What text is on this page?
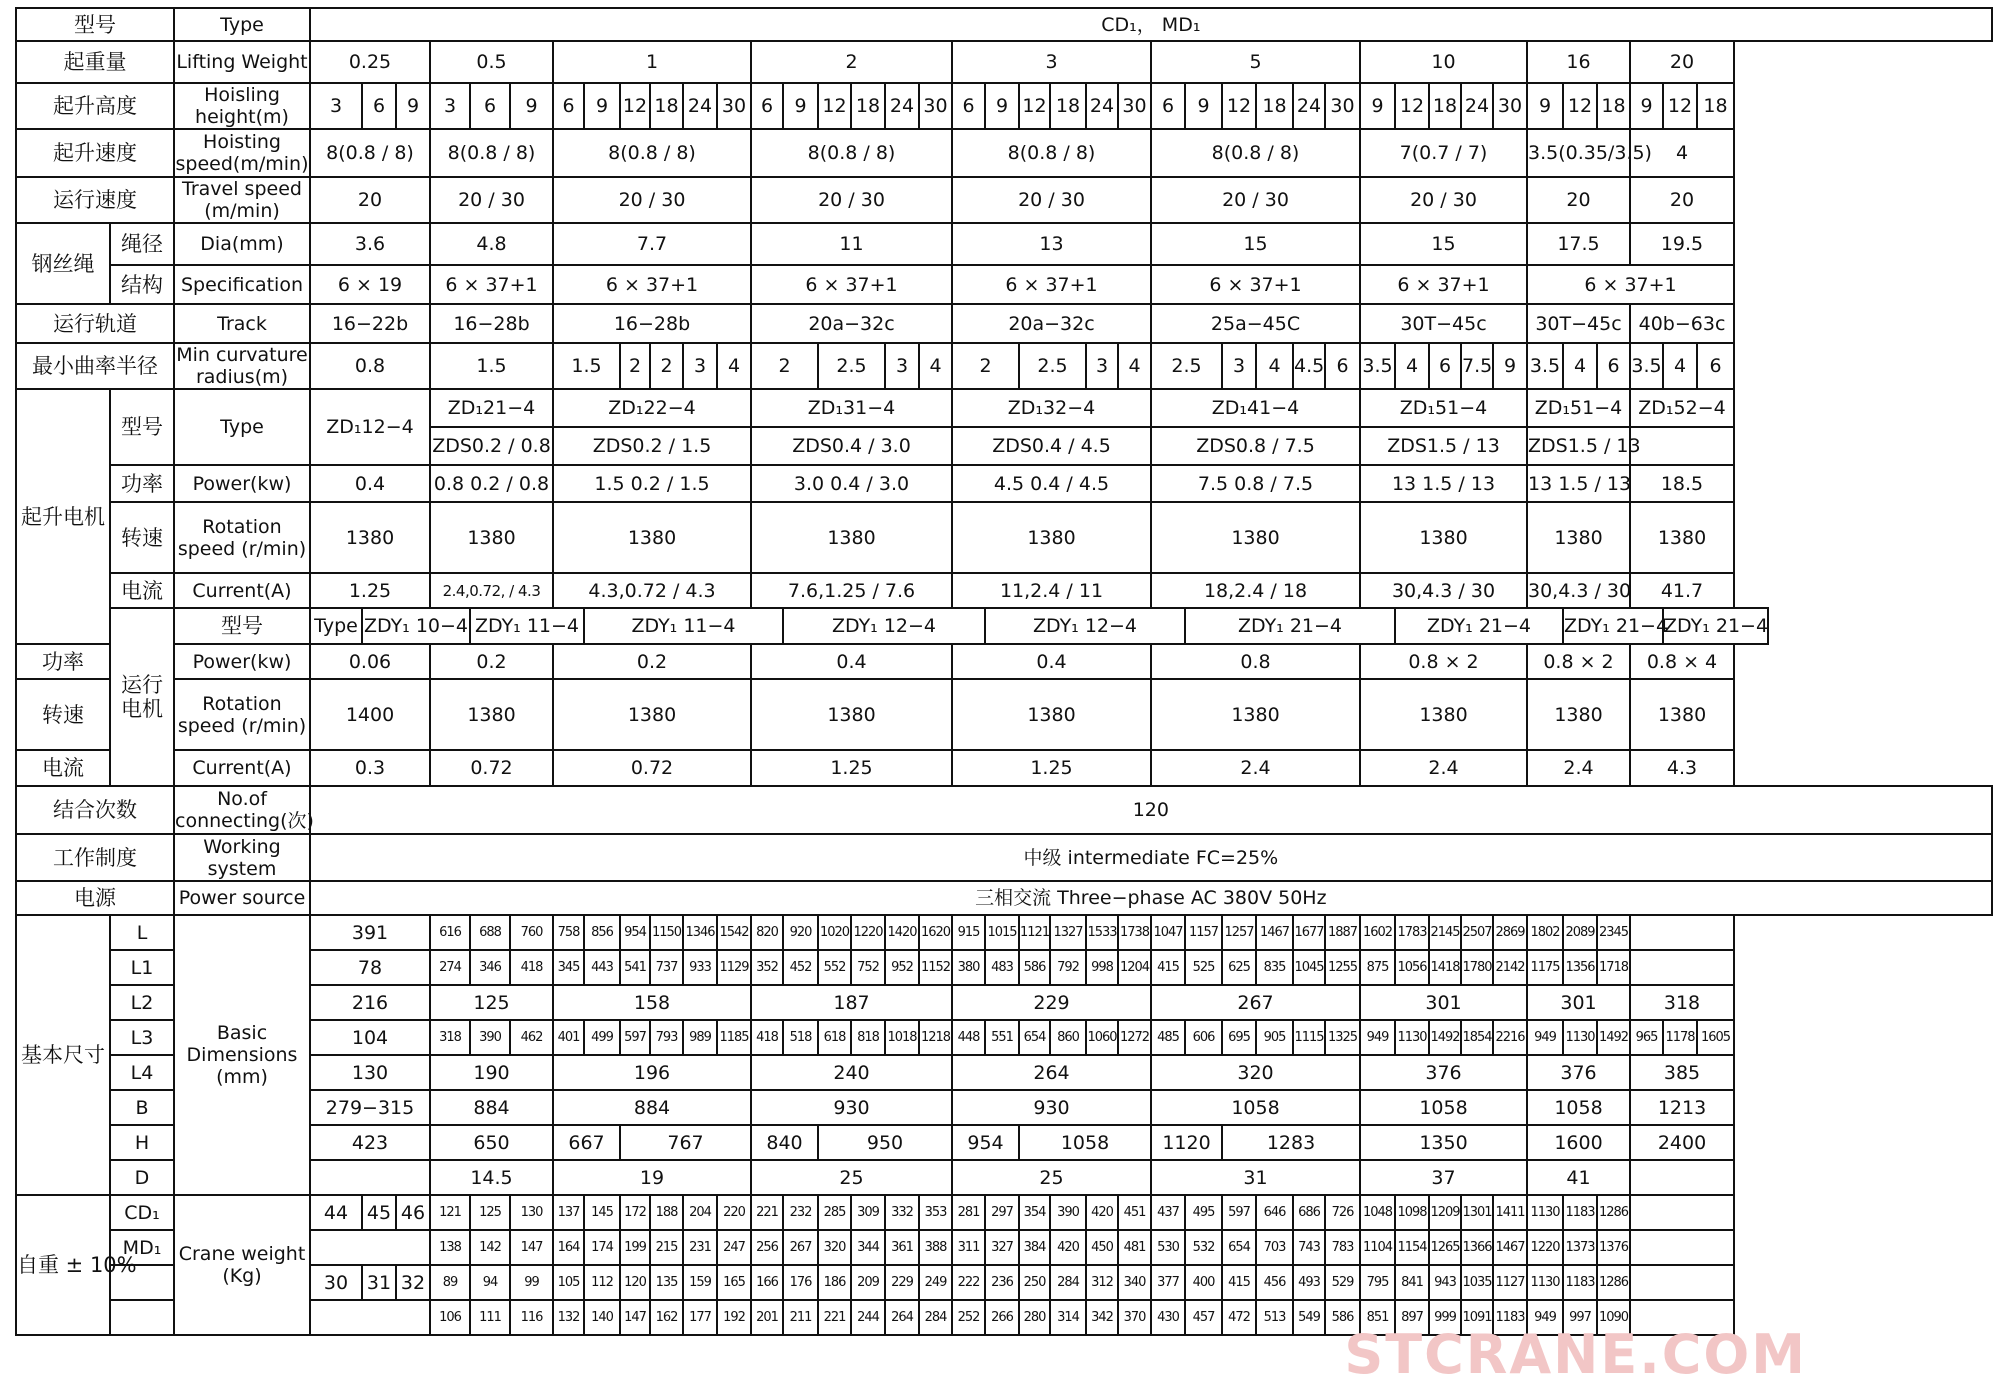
型号		Type	CD₁， MD₁																																								
起重量		Lifting Weight	0.25			0.5			1						2						3						5						10					16			20		
起升高度		Hoisling height(m)	3	6	9	3	6	9	6	9	12	18	24	30	6	9	12	18	24	30	6	9	12	18	24	30	6	9	12	18	24	30	9	12	18	24	30	9	12	18	9	12	18
起升速度		Hoisting speed(m/min)	8(0.8 / 8)			8(0.8 / 8)			8(0.8 / 8)						8(0.8 / 8)						8(0.8 / 8)						8(0.8 / 8)						7(0.7 / 7)					3.5(0.35/3.5)			4		
运行速度		Travel speed (m/min)	20			20 / 30			20 / 30						20 / 30						20 / 30						20 / 30						20 / 30					20			20		
钢丝绳	绳径	Dia(mm)	3.6			4.8			7.7						11						13						15						15					17.5			19.5		
	结构	Specification	6 × 19			6 × 37+1			6 × 37+1						6 × 37+1						6 × 37+1						6 × 37+1						6 × 37+1					6 × 37+1					
运行轨道		Track	16−22b			16−28b			16−28b						20a−32c						20a−32c						25a−45C						30T−45c					30T−45c			40b−63c		
最小曲率半径		Min curvature radius(m)	0.8			1.5			1.5		2	2	3	4	2		2.5		3	4	2		2.5		3	4	2.5		3	4	4.5	6	3.5	4	6	7.5	9	3.5	4	6	3.5	4	6
起升电机	型号	Type	ZD₁12−4			ZD₁21−4			ZD₁22−4						ZD₁31−4						ZD₁32−4						ZD₁41−4						ZD₁51−4					ZD₁51−4			ZD₁52−4		
						ZDS0.2 / 0.8			ZDS0.2 / 1.5						ZDS0.4 / 3.0						ZDS0.4 / 4.5						ZDS0.8 / 7.5						ZDS1.5 / 13					ZDS1.5 / 13					
	功率	Power(kw)	0.4			0.8 0.2 / 0.8			1.5 0.2 / 1.5						3.0 0.4 / 3.0						4.5 0.4 / 4.5						7.5 0.8 / 7.5						13 1.5 / 13					13 1.5 / 13			18.5		
	转速	Rotation speed (r/min)	1380			1380			1380						1380						1380						1380						1380					1380			1380		
	电流	Current(A)	1.25			2.4,0.72, / 4.3			4.3,0.72 / 4.3						7.6,1.25 / 7.6						11,2.4 / 11						18,2.4 / 18						30,4.3 / 30					30,4.3 / 30			41.7		
	运行电机	型号	Type	ZDY₁ 10−4			ZDY₁ 11−4			ZDY₁ 11−4						ZDY₁ 12−4						ZDY₁ 12−4						ZDY₁ 21−4						ZDY₁ 21−4					ZDY₁ 21−4			ZDY₁ 21−4	
功率		Power(kw)	0.06			0.2			0.2						0.4						0.4						0.8						0.8 × 2					0.8 × 2			0.8 × 4		
转速		Rotation speed (r/min)	1400			1380			1380						1380						1380						1380						1380					1380			1380		
电流		Current(A)	0.3			0.72			0.72						1.25						1.25						2.4						2.4					2.4			4.3		
结合次数		No.of connecting(次)	120																																								
工作制度		Working system	中级 intermediate FC=25%																																								
电源		Power source	三相交流 Three−phase AC 380V 50Hz																																								
基本尺寸	L	Basic Dimensions (mm)	391			616	688	760	758	856	954	1150	1346	1542	820	920	1020	1220	1420	1620	915	1015	1121	1327	1533	1738	1047	1157	1257	1467	1677	1887	1602	1783	2145	2507	2869	1802	2089	2345			
	L1		78			274	346	418	345	443	541	737	933	1129	352	452	552	752	952	1152	380	483	586	792	998	1204	415	525	625	835	1045	1255	875	1056	1418	1780	2142	1175	1356	1718			
	L2		216			125			158						187						229						267						301					301			318		
	L3		104			318	390	462	401	499	597	793	989	1185	418	518	618	818	1018	1218	448	551	654	860	1060	1272	485	606	695	905	1115	1325	949	1130	1492	1854	2216	949	1130	1492	965	1178	1605
	L4		130			190			196						240						264						320						376					376			385		
	B		279−315			884			884						930						930						1058						1058					1058			1213		
	H		423			650			667		767				840		950				954		1058				1120		1283				1350					1600			2400		
	D					14.5			19						25						25						31						37					41					
自重 ± 10%	CD₁	Crane weight (Kg)	44	45	46	121	125	130	137	145	172	188	204	220	221	232	285	309	332	353	281	297	354	390	420	451	437	495	597	646	686	726	1048	1098	1209	1301	1411	1130	1183	1286			
	MD₁					138	142	147	164	174	199	215	231	247	256	267	320	344	361	388	311	327	384	420	450	481	530	532	654	703	743	783	1104	1154	1265	1366	1467	1220	1373	1376			
			30	31	32	89	94	99	105	112	120	135	159	165	166	176	186	209	229	249	222	236	250	284	312	340	377	400	415	456	493	529	795	841	943	1035	1127	1130	1183	1286			
						106	111	116	132	140	147	162	177	192	201	211	221	244	264	284	252	266	280	314	342	370	430	457	472	513	549	586	851	897	999	1091	1183	949	997	1090			
STCRANE.COM
